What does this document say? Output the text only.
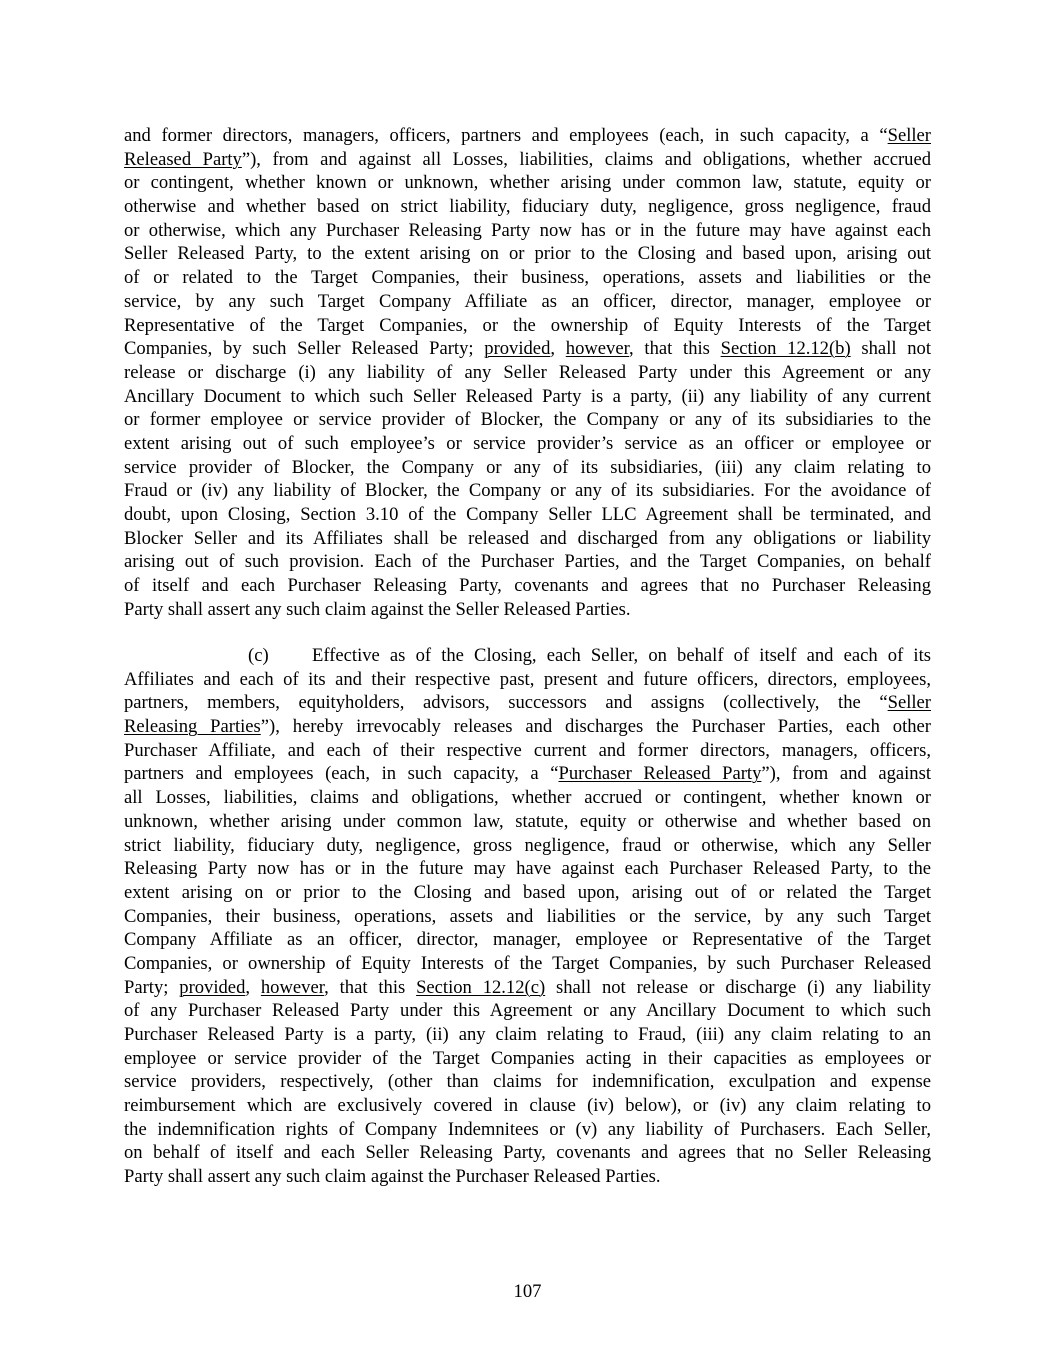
and former directors, managers, officers, partners and employees (each, in such capacity, a “Seller
Released Party”), from and against all Losses, liabilities, claims and obligations, whether accrued
or contingent, whether known or unknown, whether arising under common law, statute, equity or
otherwise and whether based on strict liability, fiduciary duty, negligence, gross negligence, fraud
or otherwise, which any Purchaser Releasing Party now has or in the future may have against each
Seller Released Party, to the extent arising on or prior to the Closing and based upon, arising out
of or related to the Target Companies, their business, operations, assets and liabilities or the
service, by any such Target Company Affiliate as an officer, director, manager, employee or
Representative of the Target Companies, or the ownership of Equity Interests of the Target
Companies, by such Seller Released Party; provided, however, that this Section 12.12(b) shall not
release or discharge (i) any liability of any Seller Released Party under this Agreement or any
Ancillary Document to which such Seller Released Party is a party, (ii) any liability of any current
or former employee or service provider of Blocker, the Company or any of its subsidiaries to the
extent arising out of such employee’s or service provider’s service as an officer or employee or
service provider of Blocker, the Company or any of its subsidiaries, (iii) any claim relating to
Fraud or (iv) any liability of Blocker, the Company or any of its subsidiaries. For the avoidance of
doubt, upon Closing, Section 3.10 of the Company Seller LLC Agreement shall be terminated, and
Blocker Seller and its Affiliates shall be released and discharged from any obligations or liability
arising out of such provision. Each of the Purchaser Parties, and the Target Companies, on behalf
of itself and each Purchaser Releasing Party, covenants and agrees that no Purchaser Releasing
Party shall assert any such claim against the Seller Released Parties.
(c) Effective as of the Closing, each Seller, on behalf of itself and each of its
Affiliates and each of its and their respective past, present and future officers, directors, employees,
partners, members, equityholders, advisors, successors and assigns (collectively, the “Seller
Releasing Parties”), hereby irrevocably releases and discharges the Purchaser Parties, each other
Purchaser Affiliate, and each of their respective current and former directors, managers, officers,
partners and employees (each, in such capacity, a “Purchaser Released Party”), from and against
all Losses, liabilities, claims and obligations, whether accrued or contingent, whether known or
unknown, whether arising under common law, statute, equity or otherwise and whether based on
strict liability, fiduciary duty, negligence, gross negligence, fraud or otherwise, which any Seller
Releasing Party now has or in the future may have against each Purchaser Released Party, to the
extent arising on or prior to the Closing and based upon, arising out of or related the Target
Companies, their business, operations, assets and liabilities or the service, by any such Target
Company Affiliate as an officer, director, manager, employee or Representative of the Target
Companies, or ownership of Equity Interests of the Target Companies, by such Purchaser Released
Party; provided, however, that this Section 12.12(c) shall not release or discharge (i) any liability
of any Purchaser Released Party under this Agreement or any Ancillary Document to which such
Purchaser Released Party is a party, (ii) any claim relating to Fraud, (iii) any claim relating to an
employee or service provider of the Target Companies acting in their capacities as employees or
service providers, respectively, (other than claims for indemnification, exculpation and expense
reimbursement which are exclusively covered in clause (iv) below), or (iv) any claim relating to
the indemnification rights of Company Indemnitees or (v) any liability of Purchasers. Each Seller,
on behalf of itself and each Seller Releasing Party, covenants and agrees that no Seller Releasing
Party shall assert any such claim against the Purchaser Released Parties.
107
